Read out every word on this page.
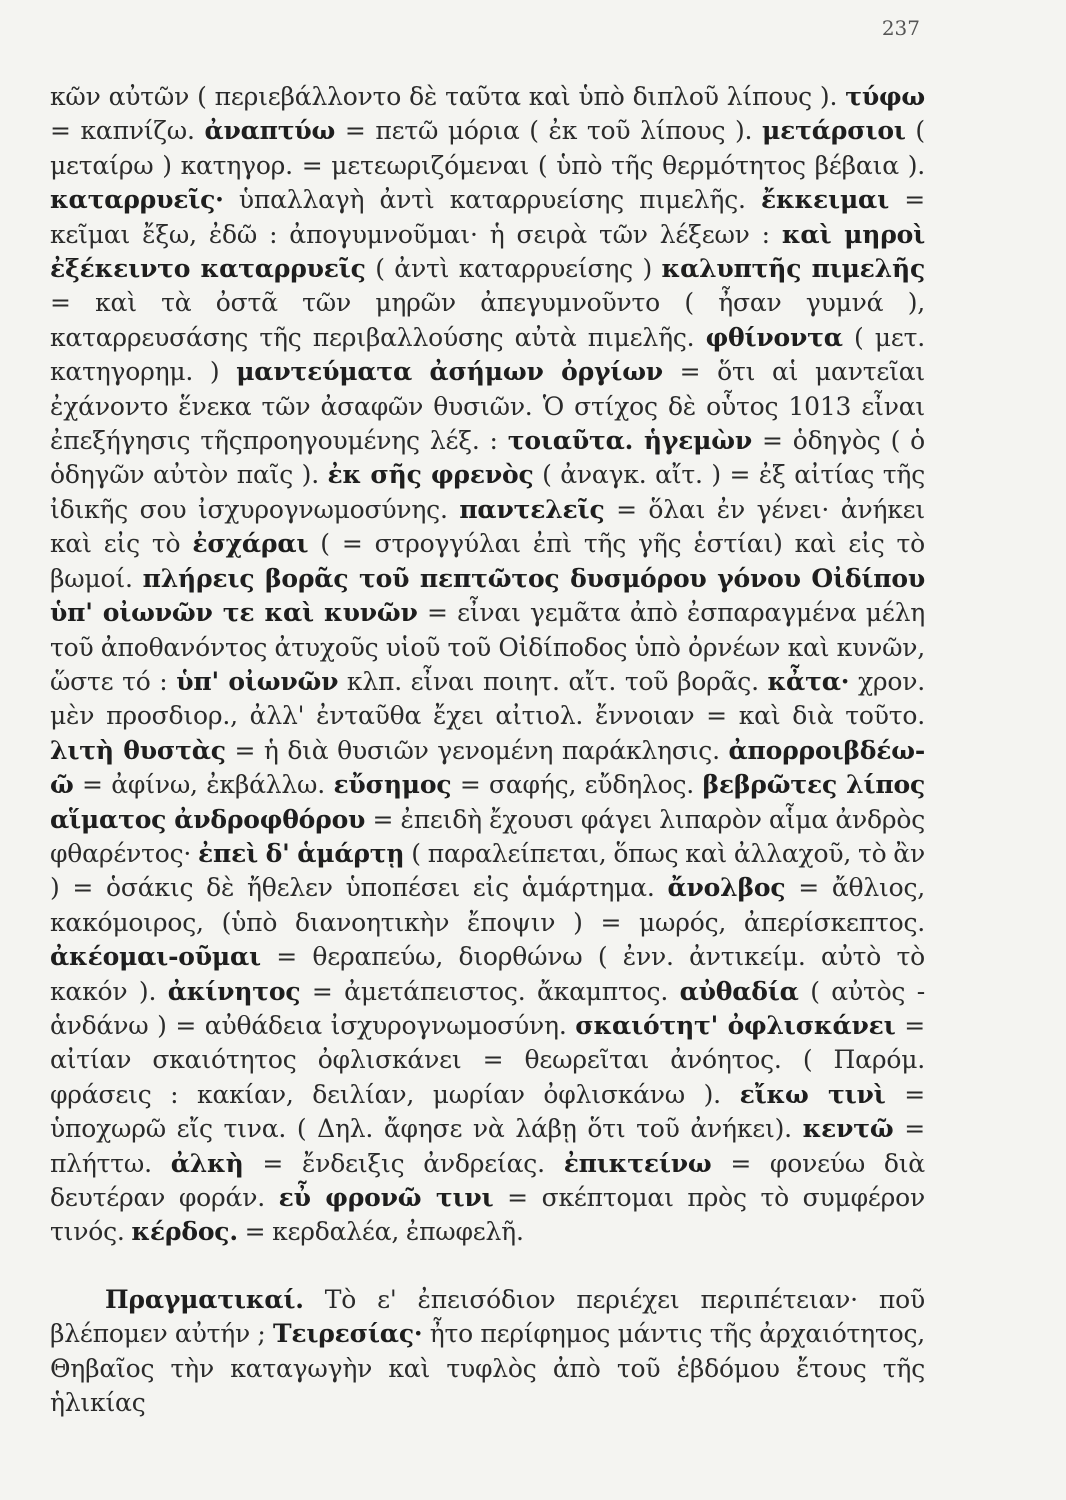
237

κῶν αὐτῶν ( περιεβάλλοντο δὲ ταῦτα καὶ ὑπὸ διπλοῦ λίπους ). τύφω = καπνίζω. ἀναπτύω = πετῶ μόρια ( ἐκ τοῦ λίπους ). μετάρσιοι ( μεταίρω ) κατηγορ. = μετεωριζόμεναι ( ὑπὸ τῆς θερμότητος βέβαια ). καταρρυεῖς· ὑπαλλαγὴ ἀντὶ καταρρυείσης πιμελῆς. ἔκκειμαι = κεῖμαι ἔξω, ἐδῶ : ἀπογυμνοῦμαι· ἡ σειρὰ τῶν λέξεων : καὶ μηροὶ ἐξέκειντο καταρρυεῖς ( ἀντὶ καταρρυείσης ) καλυπτῆς πιμελῆς = καὶ τὰ ὀστᾶ τῶν μηρῶν ἀπεγυμνοῦντο ( ἦσαν γυμνά ), καταρρευσάσης τῆς περιβαλλούσης αὐτὰ πιμελῆς. φθίνοντα ( μετ. κατηγορημ. ) μαντεύματα ἀσήμων ὀργίων = ὅτι αἱ μαντεῖαι ἐχάνοντο ἕνεκα τῶν ἀσαφῶν θυσιῶν. Ὁ στίχος δὲ οὗτος 1013 εἶναι ἐπεξήγησις τῆςπροηγουμένης λέξ. : τοιαῦτα. ἡγεμὼν = ὁδηγὸς ( ὁ ὁδηγῶν αὐτὸν παῖς ). ἐκ σῆς φρενὸς ( ἀναγκ. αἴτ. ) = ἐξ αἰτίας τῆς ἰδικῆς σου ἰσχυρογνωμοσύνης. παντελεῖς = ὅλαι ἐν γένει· ἀνήκει καὶ εἰς τὸ ἐσχάραι ( = στρογγύλαι ἐπὶ τῆς γῆς ἑστίαι) καὶ εἰς τὸ βωμοί. πλήρεις βορᾶς τοῦ πεπτῶτος δυσμόρου γόνου Οἰδίπου ὑπ' οἰωνῶν τε καὶ κυνῶν = εἶναι γεμᾶτα ἀπὸ ἐσπαραγμένα μέλη τοῦ ἀποθανόντος ἀτυχοῦς υἱοῦ τοῦ Οἰδίποδος ὑπὸ ὀρνέων καὶ κυνῶν, ὥστε τό : ὑπ' οἰωνῶν κλπ. εἶναι ποιητ. αἴτ. τοῦ βορᾶς. κἆτα· χρον. μὲν προσδιορ., ἀλλ' ἐνταῦθα ἔχει αἰτιολ. ἔννοιαν = καὶ διὰ τοῦτο. λιτὴ θυστὰς = ἡ διὰ θυσιῶν γενομένη παράκλησις. ἀπορροιβδέω-ῶ = ἀφίνω, ἐκβάλλω. εὔσημος = σαφής, εὔδηλος. βεβρῶτες λίπος αἵματος ἀνδροφθόρου = ἐπειδὴ ἔχουσι φάγει λιπαρὸν αἷμα ἀνδρὸς φθαρέντος· ἐπεὶ δ' ἁμάρτῃ ( παραλείπεται, ὅπως καὶ ἀλλαχοῦ, τὸ ἂν ) = ὁσάκις δὲ ἤθελεν ὑποπέσει εἰς ἁμάρτημα. ἄνολβος = ἄθλιος, κακόμοιρος, (ὑπὸ διανοητικὴν ἔποψιν ) = μωρός, ἀπερίσκεπτος. ἀκέομαι-οῦμαι = θεραπεύω, διορθώνω ( ἐνν. ἀντικείμ. αὐτὸ τὸ κακόν ). ἀκίνητος = ἀμετάπειστος. ἄκαμπτος. αὐθαδία ( αὐτὸς - ἁνδάνω ) = αὐθάδεια ἰσχυρογνωμοσύνη. σκαιότητ' ὀφλισκάνει = αἰτίαν σκαιότητος ὀφλισκάνει = θεωρεῖται ἀνόητος. ( Παρόμ. φράσεις : κακίαν, δειλίαν, μωρίαν ὀφλισκάνω ). εἴκω τινὶ = ὑποχωρῶ εἴς τινα. ( Δηλ. ἄφησε νὰ λάβῃ ὅτι τοῦ ἀνήκει). κεντῶ = πλήττω. ἀλκὴ = ἔνδειξις ἀνδρείας. ἐπικτείνω = φονεύω διὰ δευτέραν φοράν. εὖ φρονῶ τινι = σκέπτομαι πρὸς τὸ συμφέρον τινός. κέρδος. = κερδαλέα, ἐπωφελῆ.

Πραγματικαί. Τὸ ε' ἐπεισόδιον περιέχει περιπέτειαν· ποῦ βλέπομεν αὐτήν ; Τειρεσίας· ἦτο περίφημος μάντις τῆς ἀρχαιότητος, Θηβαῖος τὴν καταγωγὴν καὶ τυφλὸς ἀπὸ τοῦ ἑβδόμου ἔτους τῆς ἡλικίας
